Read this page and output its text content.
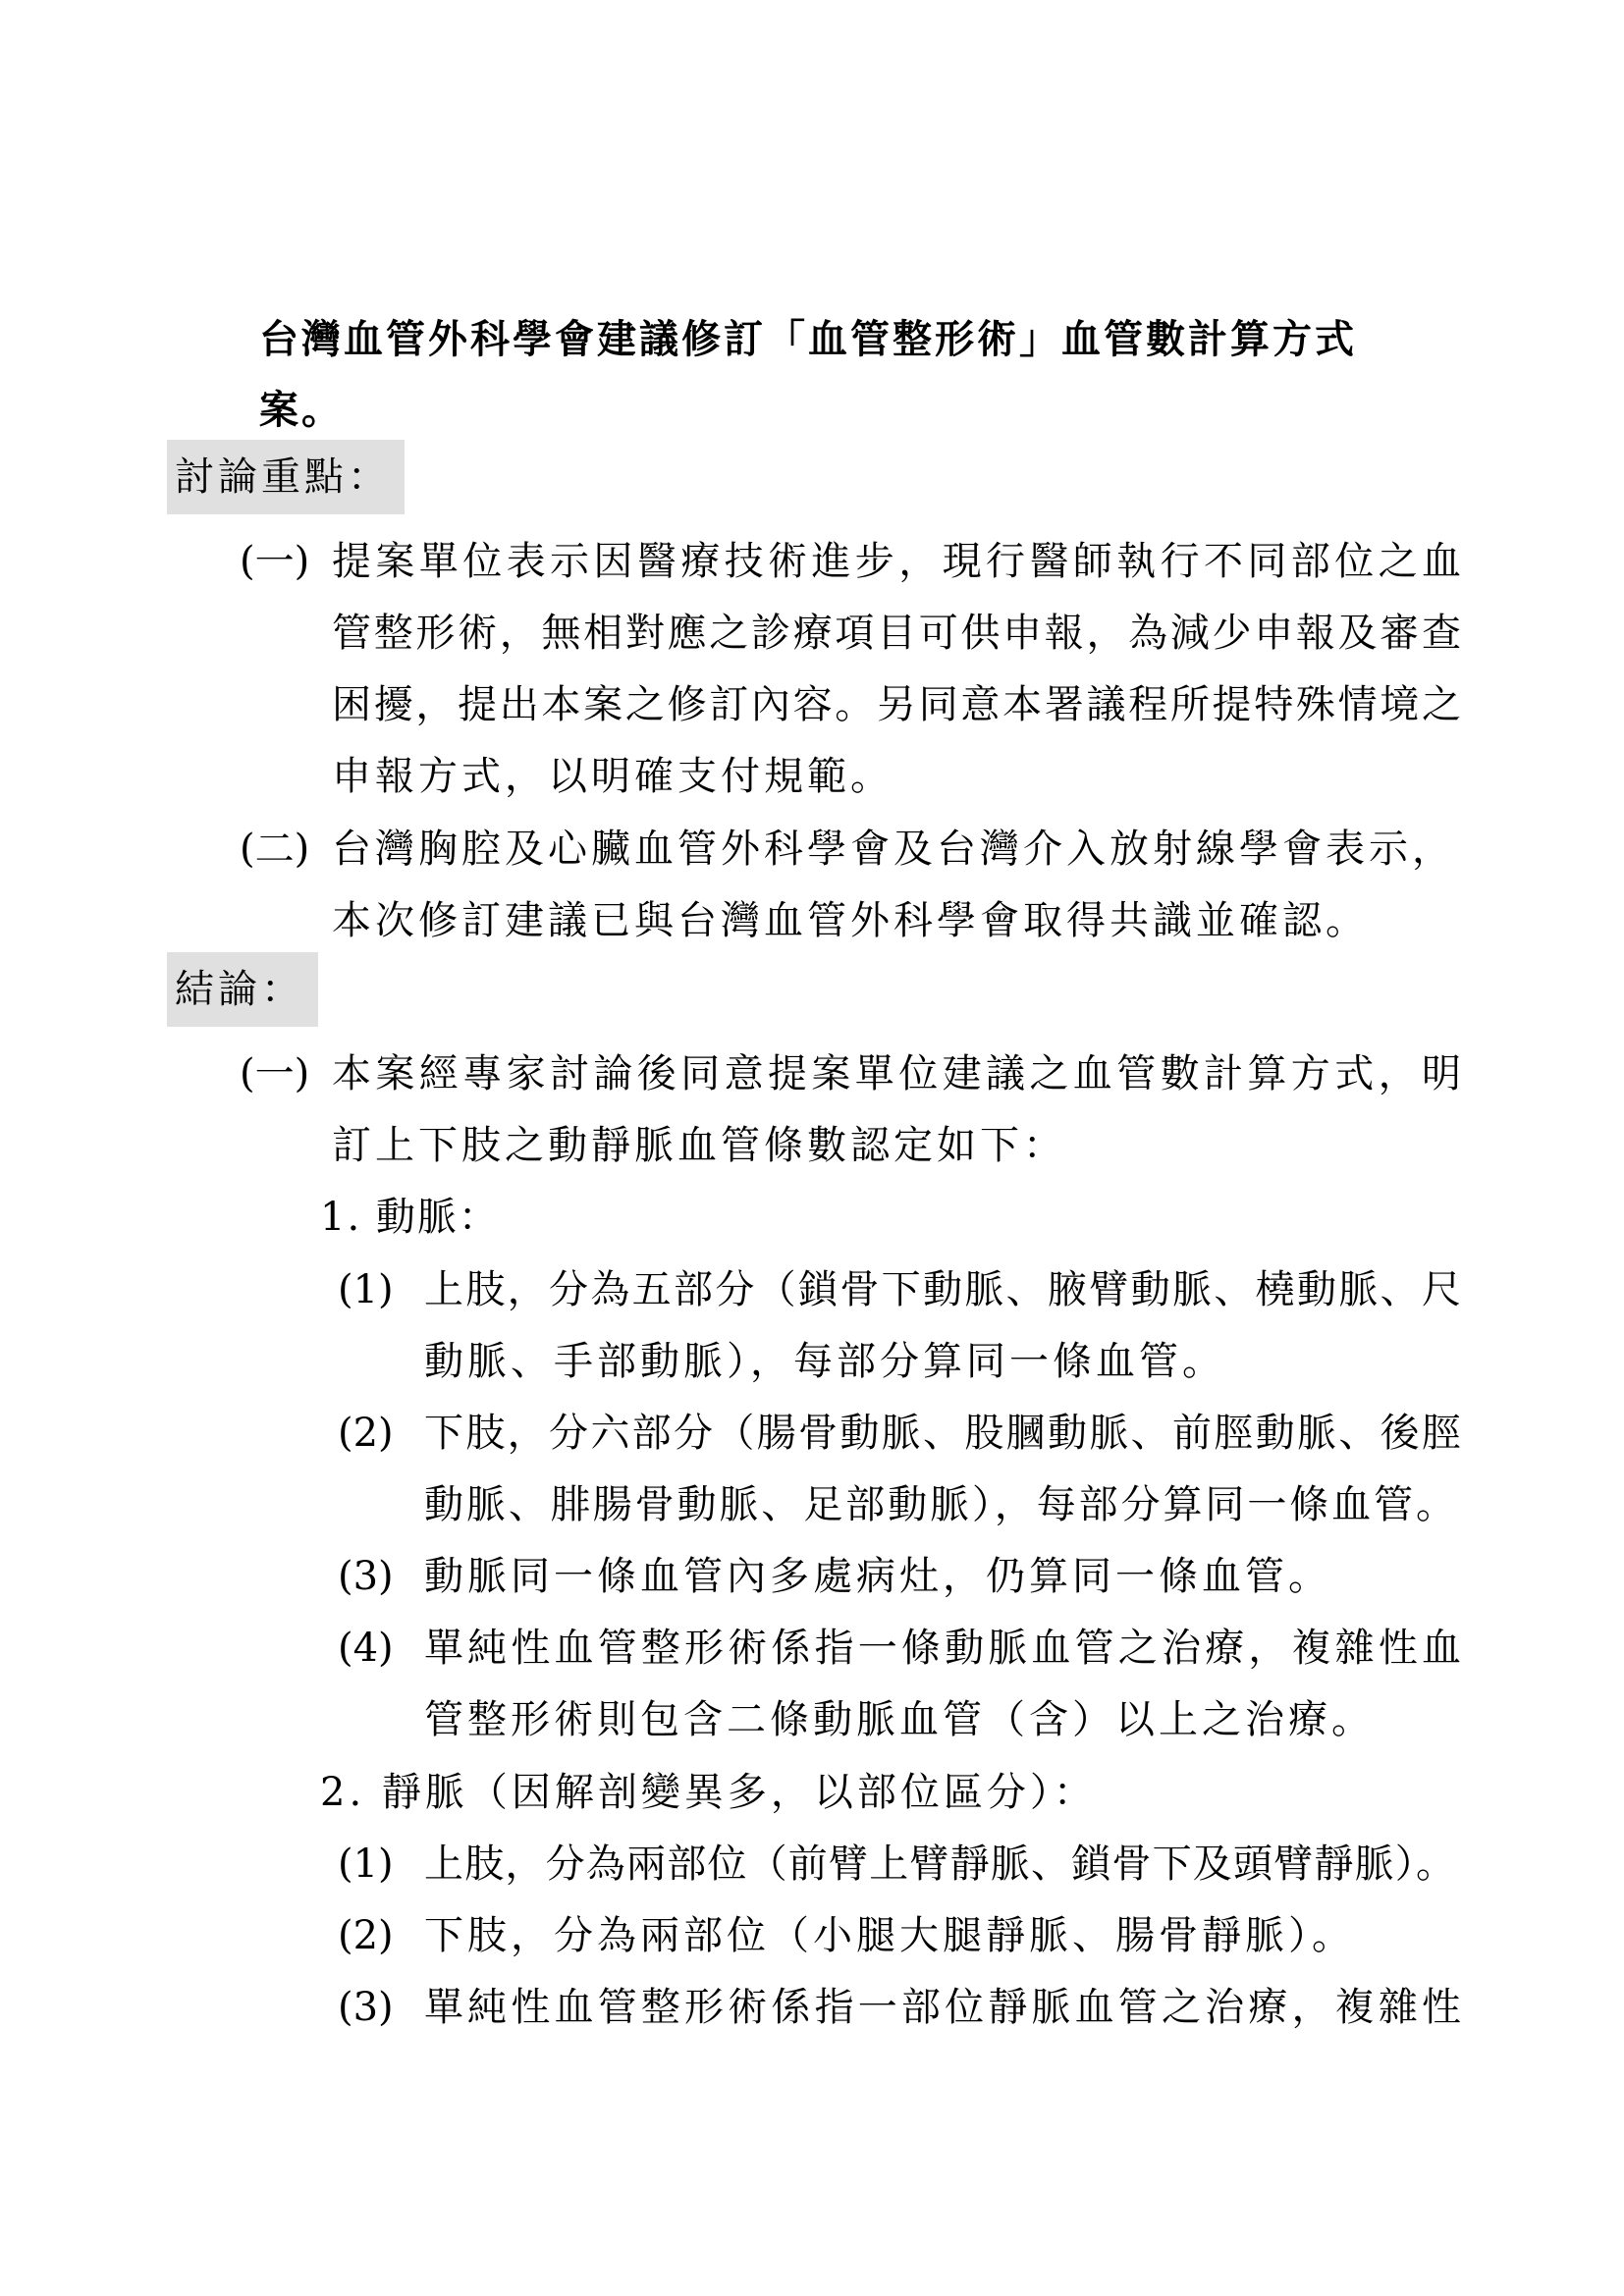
台灣血管外科學會建議修訂「血管整形術」血管數計算方式
案。
討論重點：
(一) 提案單位表示因醫療技術進步，現行醫師執行不同部位之血
管整形術，無相對應之診療項目可供申報，為減少申報及審查
困擾，提出本案之修訂內容。另同意本署議程所提特殊情境之
申報方式，以明確支付規範。
(二) 台灣胸腔及心臟血管外科學會及台灣介入放射線學會表示，
本次修訂建議已與台灣血管外科學會取得共識並確認。
結論：
(一) 本案經專家討論後同意提案單位建議之血管數計算方式，明
訂上下肢之動靜脈血管條數認定如下：
1. 動脈：
(1) 上肢，分為五部分（鎖骨下動脈、腋臂動脈、橈動脈、尺
動脈、手部動脈），每部分算同一條血管。
(2) 下肢，分六部分（腸骨動脈、股膕動脈、前脛動脈、後脛
動脈、腓腸骨動脈、足部動脈），每部分算同一條血管。
(3) 動脈同一條血管內多處病灶，仍算同一條血管。
(4) 單純性血管整形術係指一條動脈血管之治療，複雜性血
管整形術則包含二條動脈血管（含）以上之治療。
2. 靜脈（因解剖變異多，以部位區分）：
(1) 上肢，分為兩部位（前臂上臂靜脈、鎖骨下及頭臂靜脈）。
(2) 下肢，分為兩部位（小腿大腿靜脈、腸骨靜脈）。
(3) 單純性血管整形術係指一部位靜脈血管之治療，複雜性
